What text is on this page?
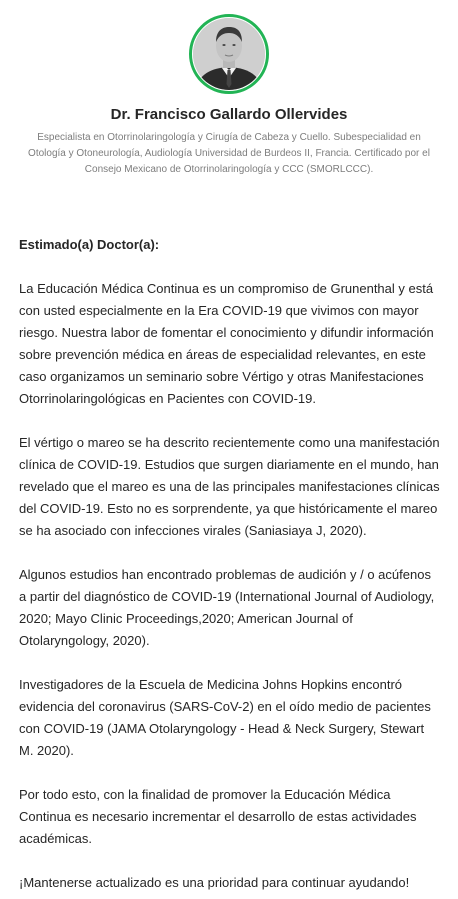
Dr. Francisco Gallardo Ollervides
Especialista en Otorrinolaringología y Cirugía de Cabeza y Cuello. Subespecialidad en Otología y Otoneurología, Audiología Universidad de Burdeos II, Francia. Certificado por el Consejo Mexicano de Otorrinolaringología y CCC (SMORLCCC).

Estimado(a) Doctor(a):

La Educación Médica Continua es un compromiso de Grunenthal y está con usted especialmente en la Era COVID-19 que vivimos con mayor riesgo. Nuestra labor de fomentar el conocimiento y difundir información sobre prevención médica en áreas de especialidad relevantes, en este caso organizamos un seminario sobre Vértigo y otras Manifestaciones Otorrinolaringológicas en Pacientes con COVID-19.

El vértigo o mareo se ha descrito recientemente como una manifestación clínica de COVID-19. Estudios que surgen diariamente en el mundo, han revelado que el mareo es una de las principales manifestaciones clínicas del COVID-19. Esto no es sorprendente, ya que históricamente el mareo se ha asociado con infecciones virales (Saniasiaya J, 2020).

Algunos estudios han encontrado problemas de audición y / o acúfenos a partir del diagnóstico de COVID-19 (International Journal of Audiology, 2020; Mayo Clinic Proceedings,2020; American Journal of Otolaryngology, 2020).

Investigadores de la Escuela de Medicina Johns Hopkins encontró evidencia del coronavirus (SARS-CoV-2) en el oído medio de pacientes con COVID-19 (JAMA Otolaryngology - Head & Neck Surgery, Stewart M. 2020).

Por todo esto, con la finalidad de promover la Educación Médica Continua es necesario incrementar el desarrollo de estas actividades académicas.

¡Mantenerse actualizado es una prioridad para continuar ayudando!
